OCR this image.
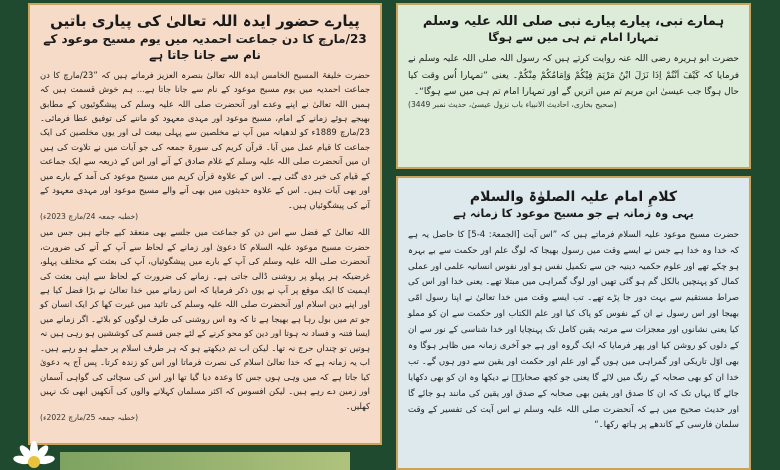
پیارے حضور ایدہ اللہ تعالیٰ کی پیاری باتیں
23/مارچ کا دن جماعت احمدیہ میں یوم مسیح موعود کے نام سے جانا جاتا ہے

حضرت خلیفۃ المسیح الخامس ایدہ اللہ تعالیٰ بنصرہ العزیز فرماتے ہیں کہ ”23/مارچ کا دن جماعت احمدیہ میں یوم مسیح موعود کے نام سے جانا جاتا ہے... ہم خوش قسمت ہیں کہ ہمیں اللہ تعالیٰ نے اپنے وعدے اور آنحضرت صلی اللہ علیہ وسلم کی پیشگوئیوں کے مطابق بھیجے ہوئے زمانے کے امام، مسیح موعود اور مہدی معہود کو ماننے کی توفیق عطا فرمائی۔ 23/مارچ 1889ء کو لدھیانہ میں آپ نے مخلصین سے پہلی بیعت لی اور یوں مخلصین کی ایک جماعت کا قیام عمل میں آیا۔ قرآن کریم کی سورۃ جمعہ کی جو آیات میں نے تلاوت کی ہیں ان میں آنحضرت صلی اللہ علیہ وسلم کے غلام صادق کے آنے اور اس کے ذریعہ سے ایک جماعت کے قیام کی خبر دی گئی ہے۔ اس کے علاوہ قرآن کریم میں مسیح موعود کی آمد کے بارے میں اور بھی آیات ہیں۔ اس کے علاوہ حدیثوں میں بھی آنے والے مسیح موعود اور مہدی معہود کے آنے کی پیشگوئیاں ہیں۔

(خطبہ جمعہ 24/مارچ 2023ء)

اللہ تعالیٰ کے فضل سے اس دن کو جماعت میں جلسے بھی منعقد کیے جاتے ہیں جس میں حضرت مسیح موعود علیہ السلام کا دعویٰ اور زمانے کے لحاظ سے آپ کے آنے کی ضرورت، آنحضرت صلی اللہ علیہ وسلم کی آپ کے بارے میں پیشگوئیاں، آپ کی بعثت کے مختلف پہلو، غرضیکہ ہر پہلو پر روشنی ڈالی جاتی ہے۔ زمانے کی ضرورت کے لحاظ سے اپنی بعثت کی اہمیت کا ایک موقع پر آپ نے یوں ذکر فرمایا کہ اس زمانے میں خدا تعالیٰ نے بڑا فضل کیا ہے اور اپنے دین اسلام اور آنحضرت صلی اللہ علیہ وسلم کی تائید میں غیرت کھا کر ایک انسان کو جو تم میں بول رہا ہے بھیجا ہے تا کہ وہ اس روشنی کی طرف لوگوں کو بلائے۔ اگر زمانے میں ایسا فتنہ و فساد نہ ہوتا اور دین کو محو کرنے کے لئے جس قسم کی کوششیں ہو رہی ہیں نہ ہوتیں تو چنداں حرج نہ تھا۔ لیکن اب تم دیکھتے ہو کہ ہر طرف اسلام پر حملے ہو رہے ہیں۔ اب یہ زمانہ ہے کہ خدا تعالیٰ اسلام کی نصرت فرماتا اور اس کو زندہ کرتا۔ پس آج یہ دعویٰ کیا جاتا ہے کہ میں وہی ہوں جس کا وعدہ دیا گیا تھا اور اس کی سچائی کی گواہی آسمان اور زمین دے رہے ہیں۔ لیکن افسوس کہ اکثر مسلمان کہلانے والوں کی آنکھیں ابھی تک نہیں کھلیں۔

(خطبہ جمعہ 25/مارچ 2022ء)
ہمارے نبی، پیارے پیارے نبی صلی اللہ علیہ وسلم
تمہارا امام تم ہی میں سے ہوگا

حضرت ابو ہریرہ رضی اللہ عنہ روایت کرتے ہیں کہ رسول اللہ صلی اللہ علیہ وسلم نے فرمایا کہ کَیْفَ اَنْتُمْ اِذَا نَزَلَ ابْنُ مَرْیَمَ فِیْکُمْ وَاِمَامُکُمْ مِنْکُمْ۔ یعنی ”تمہارا اُس وقت کیا حال ہوگا جب عیسیٰ ابن مریم تم میں اتریں گے اور تمہارا امام تم ہی میں سے ہوگا“۔

(صحیح بخاری، احادیث الانبیاء باب نزول عیسیٰ، حدیث نمبر 3449)
کلامِ امام علیہ الصلوٰۃ والسلام
یہی وہ زمانہ ہے جو مسیح موعود کا زمانہ ہے

حضرت مسیح موعود علیہ السلام فرماتے ہیں کہ ”اس آیت [الجمعۃ: 4-5] کا حاصل یہ ہے کہ خدا وہ خدا ہے جس نے ایسے وقت میں رسول بھیجا کہ لوگ علم اور حکمت سے بے بہرہ ہو چکے تھے اور علوم حکمیہ دینیہ جن سے تکمیل نفس ہو اور نفوس انسانیہ علمی اور عملی کمال کو پہنچیں بالکل گم ہو گئی تھیں اور لوگ گمراہی میں مبتلا تھے۔ یعنی خدا اور اس کی صراط مستقیم سے بہت دور جا پڑے تھے۔ تب ایسے وقت میں خدا تعالیٰ نے اپنا رسول امّی بھیجا اور اس رسول نے ان کے نفوس کو پاک کیا اور علم الکتاب اور حکمت سے ان کو مملو کیا یعنی نشانوں اور معجزات سے مرتبہ یقین کامل تک پہنچایا اور خدا شناسی کے نور سے ان کے دلوں کو روشن کیا اور پھر فرمایا کہ ایک گروہ اور ہے جو آخری زمانہ میں ظاہر ہوگا وہ بھی اوّل تاریکی اور گمراہی میں ہوں گے اور علم اور حکمت اور یقین سے دور ہوں گے۔ تب خدا ان کو بھی صحابہ کے رنگ میں لائے گا یعنی جو کچھ صحابہؓ نے دیکھا وہ ان کو بھی دکھایا جائے گا یہاں تک کہ ان کا صدق اور یقین بھی صحابہ کے صدق اور یقین کی مانند ہو جائے گا اور حدیث صحیح میں ہے کہ آنحضرت صلی اللہ علیہ وسلم نے اس آیت کی تفسیر کے وقت سلمان فارسی کے کاندھے پر ہاتھ رکھا۔“
